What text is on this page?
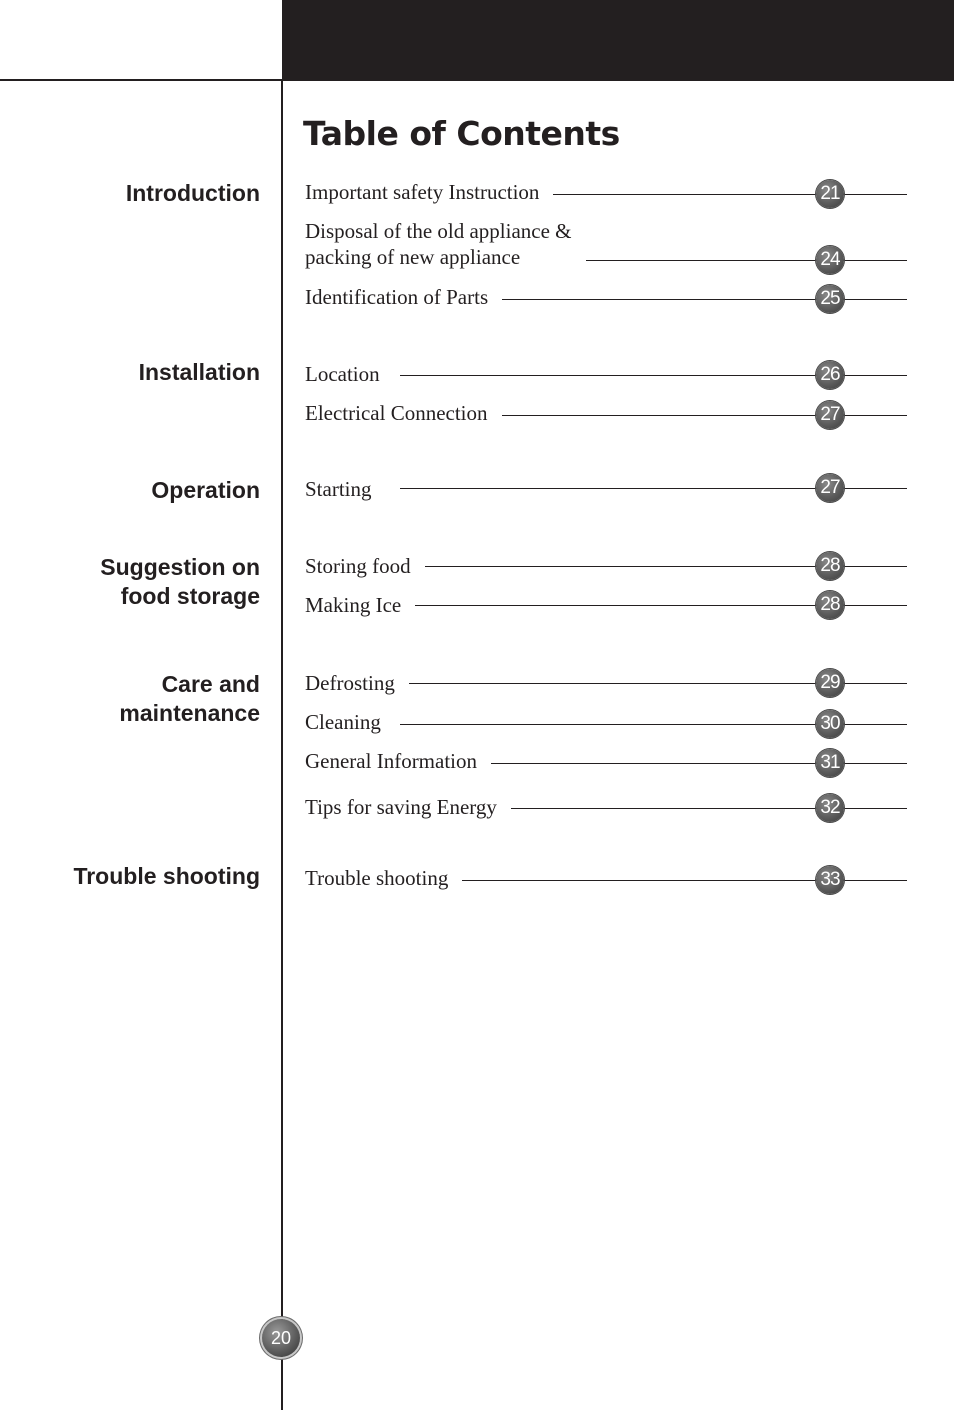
Table of Contents
Introduction
Installation
Operation
Suggestion on
food storage
Care and
maintenance
Trouble shooting
Important safety Instruction	21
Disposal of the old appliance &
packing of new appliance	24
Identification of Parts	25
Location	26
Electrical Connection	27
Starting	27
Storing food	28
Making Ice	28
Defrosting	29
Cleaning	30
General Information	31
Tips for saving Energy	32
Trouble shooting	33
20
